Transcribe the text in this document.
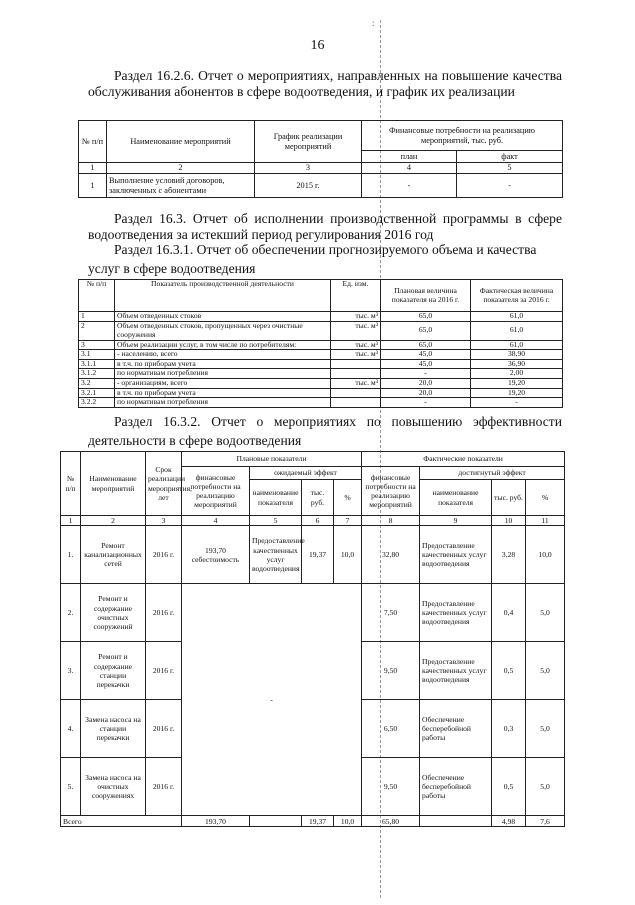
:
16
Раздел 16.2.6. Отчет о мероприятиях, направленных на повышение качества обслуживания абонентов в сфере водоотведения, и график их реализации
№ п/п	Наименование мероприятий	График реализации мероприятий	Финансовые потребности на реализацию мероприятий, тыс. руб.	
			план	факт
1	2	3	4	5
1	Выполнение условий договоров, заключенных с абонентами	2015 г.	-	-
Раздел 16.3. Отчет об исполнении производственной программы в сфере водоотведения за истекший период регулирования 2016 год
Раздел 16.3.1. Отчет об обеспечении прогнозируемого объема и качества
услуг в сфере водоотведения
№ п/п	Показатель производственной деятельности	Ед. изм.	Плановая величина показателя на 2016 г.	Фактическая величина показателя за 2016 г.
1	Объем отведенных стоков	тыс. м³	65,0	61,0
2	Объем отведенных стоков, пропущенных через очистные сооружения	тыс. м³	65,0	61,0
3	Объем реализации услуг, в том числе по потребителям:	тыс. м³	65,0	61,0
3.1	- населению, всего	тыс. м³	45,0	38,90
3.1.1	в т.ч. по приборам учета		45,0	36,90
3.1.2	по нормативам потребления		-	2,00
3.2	- организациям, всего	тыс. м³	20,0	19,20
3.2.1	в т.ч. по приборам учета		20,0	19,20
3.2.2	по нормативам потребления		-	-
Раздел 16.3.2. Отчет о мероприятиях по повышению эффективности
деятельности в сфере водоотведения
№ п/п	Наименование мероприятий	Срок реализации мероприятия, лет	Плановые показатели				Фактические показатели			
			финансовые потребности на реализацию мероприятий	ожидаемый эффект			финансовые потребности на реализацию мероприятий	достигнутый эффект		
				наименование показателя	тыс. руб.	%		наименование показателя	тыс. руб.	%
1	2	3	4	5	6	7	8	9	10	11
1.	Ремонт канализационных сетей	2016 г.	193,70 себестоимость	Предоставление качественных услуг водоотведения	19,37	10,0	32,80	Предоставление качественных услуг водоотведения	3,28	10,0
2.	Ремонт и содержание очистных сооружений	2016 г.	-				7,50	Предоставление качественных услуг водоотведения	0,4	5,0
3.	Ремонт и содержание станции перекачки	2016 г.					9,50	Предоставление качественных услуг водоотведения	0,5	5,0
4.	Замена насоса на станции перекачки	2016 г.					6,50	Обеспечение бесперебойной работы	0,3	5,0
5.	Замена насоса на очистных сооружениях	2016 г.					9,50	Обеспечение бесперебойной работы	0,5	5,0
Всего			193,70		19,37	10,0	65,80		4,98	7,6
